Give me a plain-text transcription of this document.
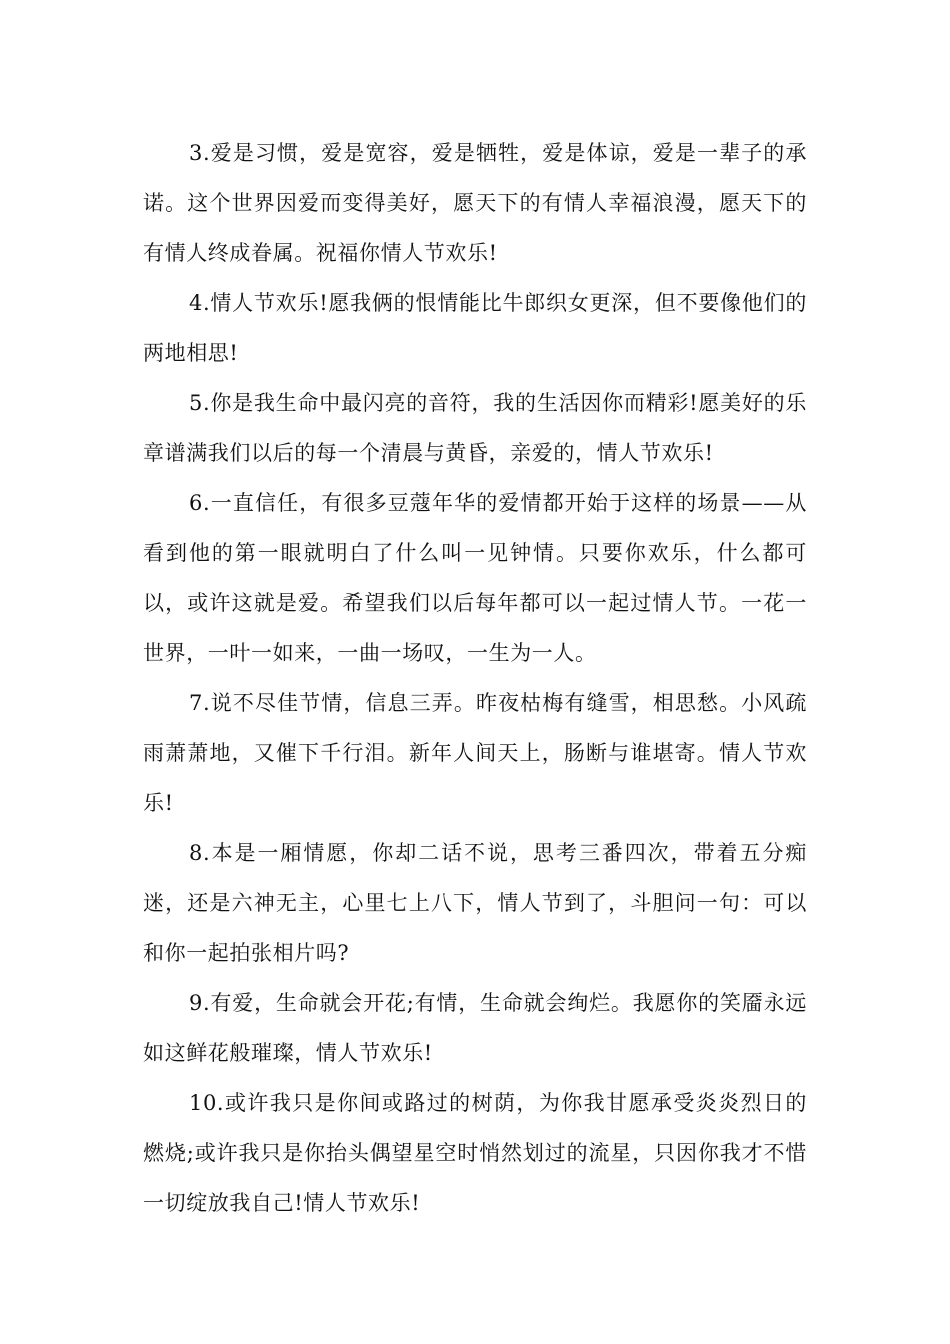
3.爱是习惯，爱是宽容，爱是牺牲，爱是体谅，爱是一辈子的承诺。这个世界因爱而变得美好，愿天下的有情人幸福浪漫，愿天下的有情人终成眷属。祝福你情人节欢乐!

4.情人节欢乐!愿我俩的恨情能比牛郎织女更深，但不要像他们的两地相思!

5.你是我生命中最闪亮的音符，我的生活因你而精彩!愿美好的乐章谱满我们以后的每一个清晨与黄昏，亲爱的，情人节欢乐!

6.一直信任，有很多豆蔻年华的爱情都开始于这样的场景——从看到他的第一眼就明白了什么叫一见钟情。只要你欢乐，什么都可以，或许这就是爱。希望我们以后每年都可以一起过情人节。一花一世界，一叶一如来，一曲一场叹，一生为一人。

7.说不尽佳节情，信息三弄。昨夜枯梅有缝雪，相思愁。小风疏雨萧萧地，又催下千行泪。新年人间天上，肠断与谁堪寄。情人节欢乐!

8.本是一厢情愿，你却二话不说，思考三番四次，带着五分痴迷，还是六神无主，心里七上八下，情人节到了，斗胆问一句：可以和你一起拍张相片吗?

9.有爱，生命就会开花;有情，生命就会绚烂。我愿你的笑靥永远如这鲜花般璀璨，情人节欢乐!

10.或许我只是你间或路过的树荫，为你我甘愿承受炎炎烈日的燃烧;或许我只是你抬头偶望星空时悄然划过的流星，只因你我才不惜一切绽放我自己!情人节欢乐!
